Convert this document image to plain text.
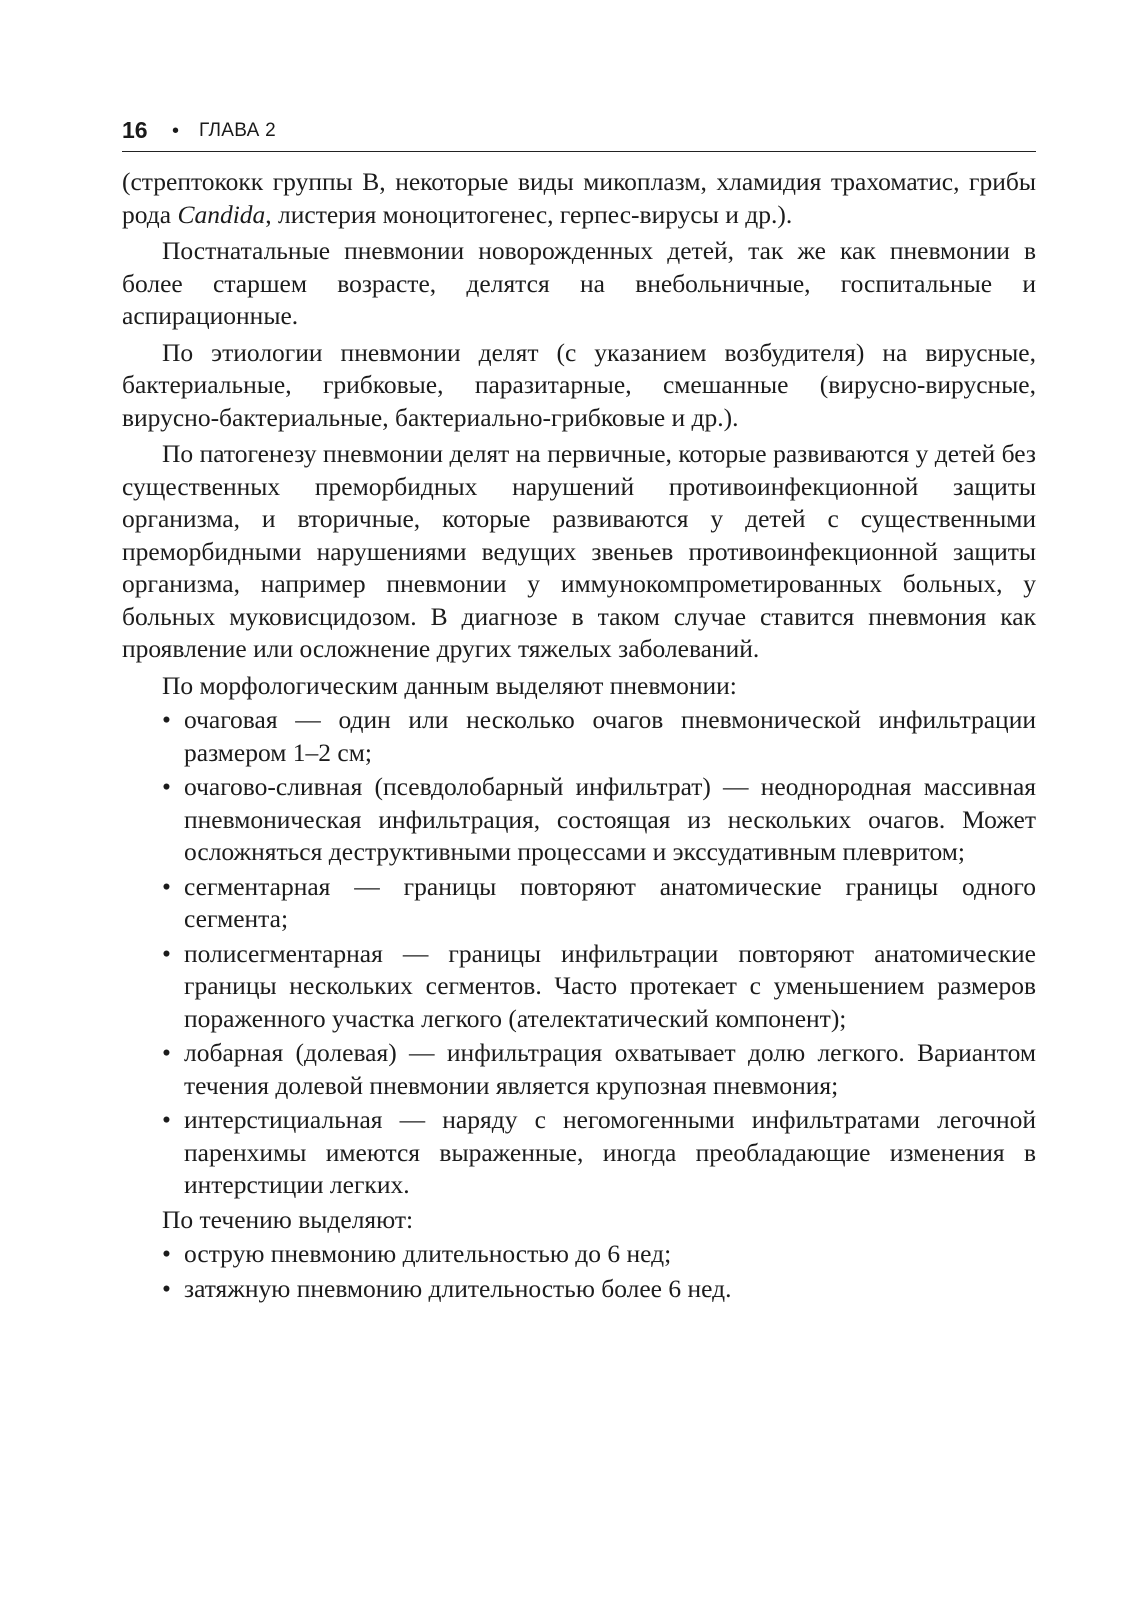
16 • ГЛАВА 2

(стрептококк группы В, некоторые виды микоплазм, хламидия трахоматис, грибы рода Candida, листерия моноцитогенес, герпес-вирусы и др.).

Постнатальные пневмонии новорожденных детей, так же как пневмонии в более старшем возрасте, делятся на внебольничные, госпитальные и аспирационные.

По этиологии пневмонии делят (с указанием возбудителя) на вирусные, бактериальные, грибковые, паразитарные, смешанные (вирусно-вирусные, вирусно-бактериальные, бактериально-грибковые и др.).

По патогенезу пневмонии делят на первичные, которые развиваются у детей без существенных преморбидных нарушений противоинфекционной защиты организма, и вторичные, которые развиваются у детей с существенными преморбидными нарушениями ведущих звеньев противоинфекционной защиты организма, например пневмонии у иммунокомпрометированных больных, у больных муковисцидозом. В диагнозе в таком случае ставится пневмония как проявление или осложнение других тяжелых заболеваний.

По морфологическим данным выделяют пневмонии:

• очаговая — один или несколько очагов пневмонической инфильтрации размером 1–2 см;
• очагово-сливная (псевдолобарный инфильтрат) — неоднородная массивная пневмоническая инфильтрация, состоящая из нескольких очагов. Может осложняться деструктивными процессами и экссудативным плевритом;
• сегментарная — границы повторяют анатомические границы одного сегмента;
• полисегментарная — границы инфильтрации повторяют анатомические границы нескольких сегментов. Часто протекает с уменьшением размеров пораженного участка легкого (ателектатический компонент);
• лобарная (долевая) — инфильтрация охватывает долю легкого. Вариантом течения долевой пневмонии является крупозная пневмония;
• интерстициальная — наряду с негомогенными инфильтратами легочной паренхимы имеются выраженные, иногда преобладающие изменения в интерстиции легких.

По течению выделяют:

• острую пневмонию длительностью до 6 нед;
• затяжную пневмонию длительностью более 6 нед.
